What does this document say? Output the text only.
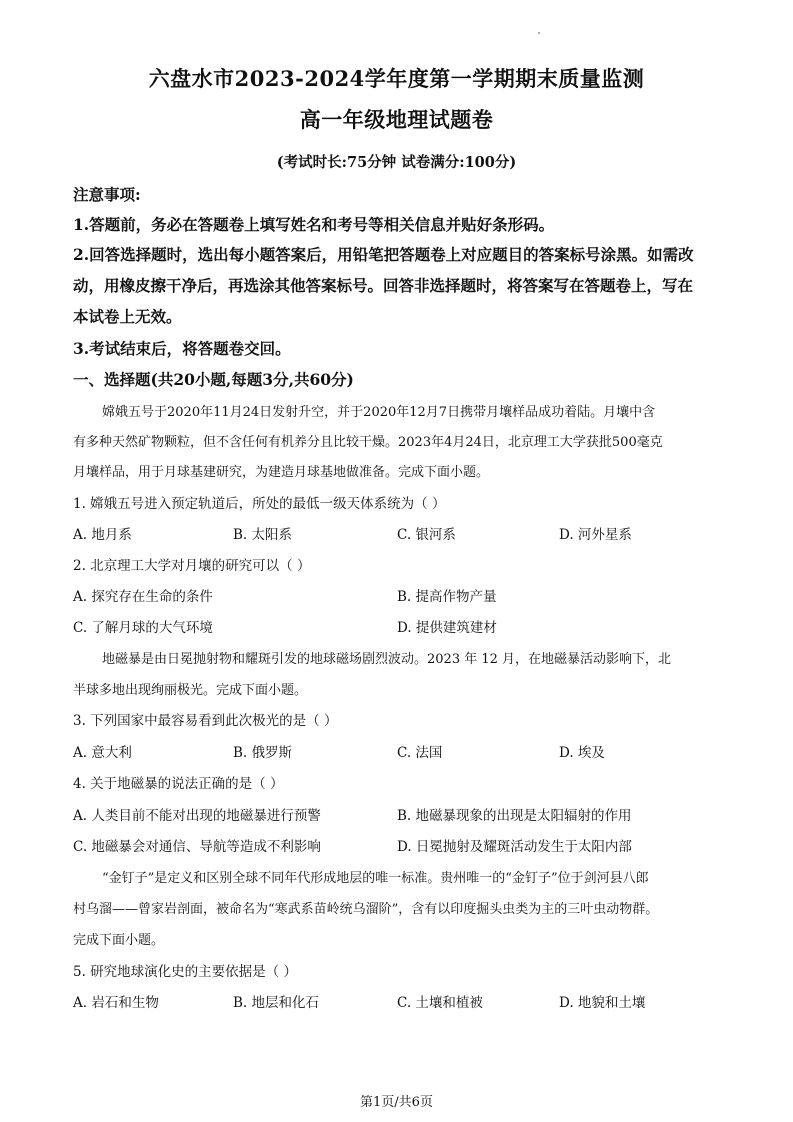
六盘水市2023-2024学年度第一学期期末质量监测
高一年级地理试题卷
(考试时长:75分钟 试卷满分:100分)
注意事项:
1.答题前，务必在答题卷上填写姓名和考号等相关信息并贴好条形码。
2.回答选择题时，选出每小题答案后，用铅笔把答题卷上对应题目的答案标号涂黑。如需改
动，用橡皮擦干净后，再选涂其他答案标号。回答非选择题时，将答案写在答题卷上，写在
本试卷上无效。
3.考试结束后，将答题卷交回。
一、选择题(共20小题,每题3分,共60分)
嫦娥五号于2020年11月24日发射升空，并于2020年12月7日携带月壤样品成功着陆。月壤中含
有多种天然矿物颗粒，但不含任何有机养分且比较干燥。2023年4月24日，北京理工大学获批500毫克
月壤样品，用于月球基建研究，为建造月球基地做准备。完成下面小题。
1. 嫦娥五号进入预定轨道后，所处的最低一级天体系统为（ ）
A. 地月系	B. 太阳系	C. 银河系	D. 河外星系
2. 北京理工大学对月壤的研究可以（ ）
A. 探究存在生命的条件	B. 提高作物产量
C. 了解月球的大气环境	D. 提供建筑建材
地磁暴是由日冕抛射物和耀斑引发的地球磁场剧烈波动。2023 年 12 月，在地磁暴活动影响下，北
半球多地出现绚丽极光。完成下面小题。
3. 下列国家中最容易看到此次极光的是（ ）
A. 意大利	B. 俄罗斯	C. 法国	D. 埃及
4. 关于地磁暴的说法正确的是（ ）
A. 人类目前不能对出现的地磁暴进行预警	B. 地磁暴现象的出现是太阳辐射的作用
C. 地磁暴会对通信、导航等造成不利影响	D. 日冕抛射及耀斑活动发生于太阳内部
“金钉子”是定义和区别全球不同年代形成地层的唯一标准。贵州唯一的“金钉子”位于剑河县八郎
村乌溜——曾家岩剖面，被命名为“寒武系苗岭统乌溜阶”，含有以印度掘头虫类为主的三叶虫动物群。
完成下面小题。
5. 研究地球演化史的主要依据是（ ）
A. 岩石和生物	B. 地层和化石	C. 土壤和植被	D. 地貌和土壤
第1页/共6页
